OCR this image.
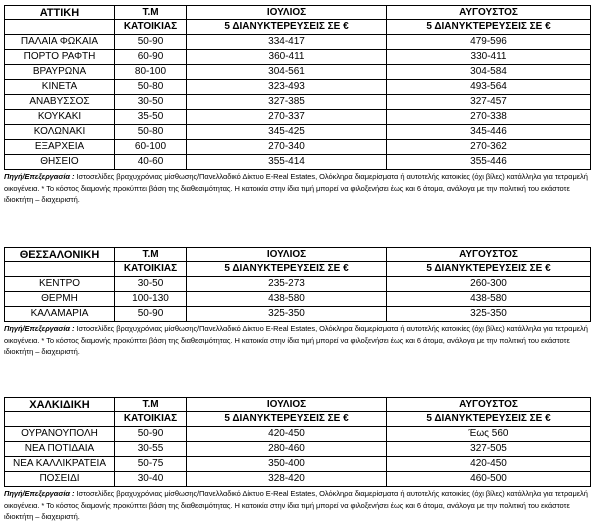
ΑΤΤΙΚΗ	Τ.Μ	ΙΟΥΛΙΟΣ	ΑΥΓΟΥΣΤΟΣ
	ΚΑΤΟΙΚΙΑΣ	5 ΔΙΑΝΥΚΤΕΡΕΥΣΕΙΣ ΣΕ €	5 ΔΙΑΝΥΚΤΕΡΕΥΣΕΙΣ ΣΕ €
ΠΑΛΑΙΑ ΦΩΚΑΙΑ	50-90	334-417	479-596
ΠΟΡΤΟ ΡΑΦΤΗ	60-90	360-411	330-411
ΒΡΑΥΡΩΝΑ	80-100	304-561	304-584
ΚΙΝΕΤΑ	50-80	323-493	493-564
ΑΝΑΒΥΣΣΟΣ	30-50	327-385	327-457
ΚΟΥΚΑΚΙ	35-50	270-337	270-338
ΚΟΛΩΝΑΚΙ	50-80	345-425	345-446
ΕΞΑΡΧΕΙΑ	60-100	270-340	270-362
ΘΗΣΕΙΟ	40-60	355-414	355-446
Πηγή/Επεξεργασία : Ιστοσελίδες βραχυχρόνιας μίσθωσης/Πανελλαδικό Δίκτυο E-Real Estates, Ολόκληρα διαμερίσματα ή αυτοτελής κατοικίες (όχι βίλες) κατάλληλα για τετραμελή οικογένεια. * Το κόστος διαμονής προκύπτει βάση της διαθεσιμότητας. Η κατοικία στην ίδια τιμή μπορεί να φιλοξενήσει έως και 6 άτομα, ανάλογα με την πολιτική του εκάστοτε ιδιοκτήτη – διαχειριστή.
ΘΕΣΣΑΛΟΝΙΚΗ	Τ.Μ	ΙΟΥΛΙΟΣ	ΑΥΓΟΥΣΤΟΣ
	ΚΑΤΟΙΚΙΑΣ	5 ΔΙΑΝΥΚΤΕΡΕΥΣΕΙΣ ΣΕ €	5 ΔΙΑΝΥΚΤΕΡΕΥΣΕΙΣ ΣΕ €
ΚΕΝΤΡΟ	30-50	235-273	260-300
ΘΕΡΜΗ	100-130	438-580	438-580
ΚΑΛΑΜΑΡΙΑ	50-90	325-350	325-350
Πηγή/Επεξεργασία : Ιστοσελίδες βραχυχρόνιας μίσθωσης/Πανελλαδικό Δίκτυο E-Real Estates, Ολόκληρα διαμερίσματα ή αυτοτελής κατοικίες (όχι βίλες) κατάλληλα για τετραμελή οικογένεια. * Το κόστος διαμονής προκύπτει βάση της διαθεσιμότητας. Η κατοικία στην ίδια τιμή μπορεί να φιλοξενήσει έως και 6 άτομα, ανάλογα με την πολιτική του εκάστοτε ιδιοκτήτη – διαχειριστή.
ΧΑΛΚΙΔΙΚΗ	Τ.Μ	ΙΟΥΛΙΟΣ	ΑΥΓΟΥΣΤΟΣ
	ΚΑΤΟΙΚΙΑΣ	5 ΔΙΑΝΥΚΤΕΡΕΥΣΕΙΣ ΣΕ €	5 ΔΙΑΝΥΚΤΕΡΕΥΣΕΙΣ ΣΕ €
ΟΥΡΑΝΟΥΠΟΛΗ	50-90	420-450	Έως 560
ΝΕΑ ΠΟΤΙΔΑΙΑ	30-55	280-460	327-505
ΝΕΑ ΚΑΛΛΙΚΡΑΤΕΙΑ	50-75	350-400	420-450
ΠΟΣΕΙΔΙ	30-40	328-420	460-500
Πηγή/Επεξεργασία : Ιστοσελίδες βραχυχρόνιας μίσθωσης/Πανελλαδικό Δίκτυο E-Real Estates, Ολόκληρα διαμερίσματα ή αυτοτελής κατοικίες (όχι βίλες) κατάλληλα για τετραμελή οικογένεια. * Το κόστος διαμονής προκύπτει βάση της διαθεσιμότητας. Η κατοικία στην ίδια τιμή μπορεί να φιλοξενήσει έως και 6 άτομα, ανάλογα με την πολιτική του εκάστοτε ιδιοκτήτη – διαχειριστή.
